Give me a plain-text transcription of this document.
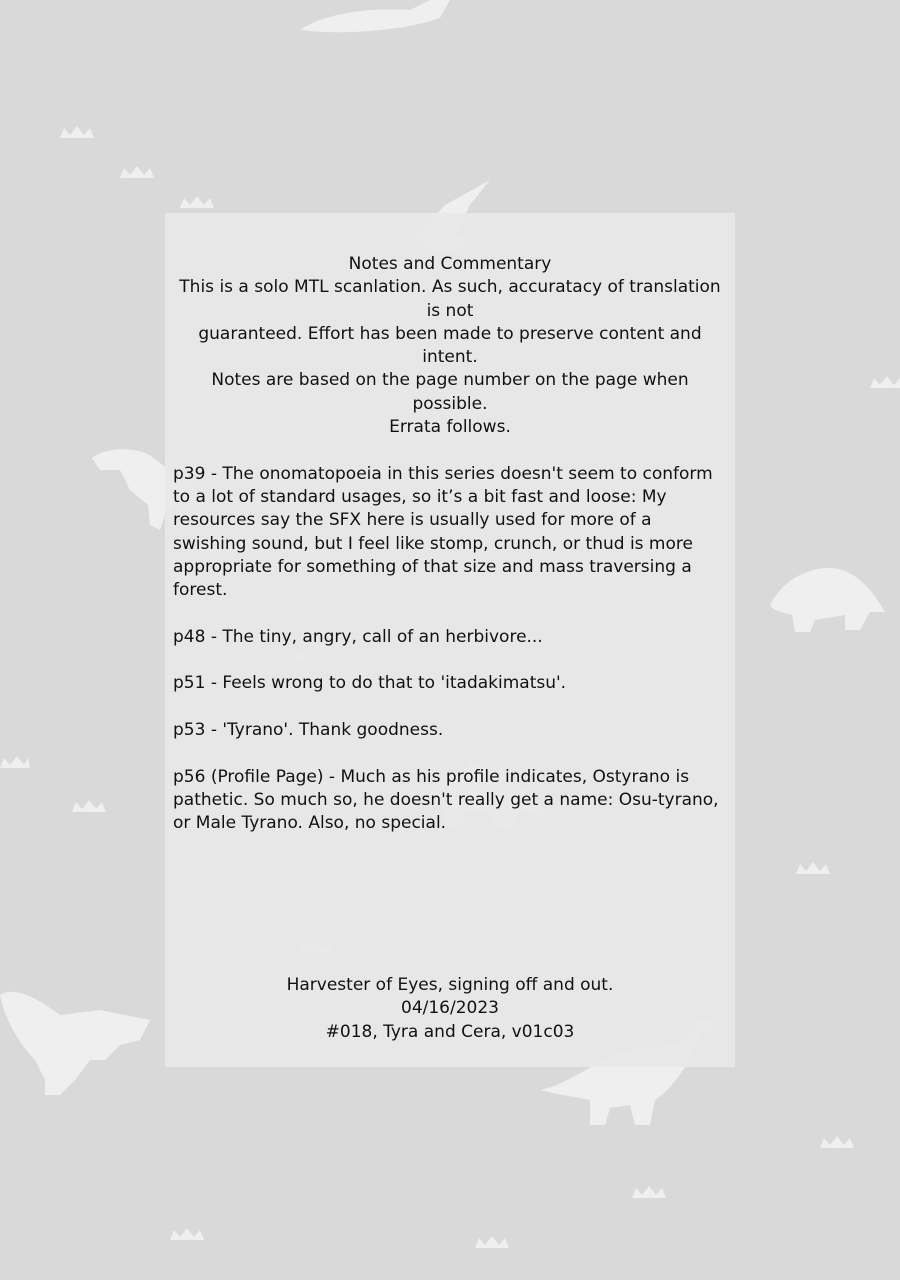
Notes and Commentary
This is a solo MTL scanlation. As such, accuratacy of translation is not
guaranteed. Effort has been made to preserve content and intent.
Notes are based on the page number on the page when possible.
Errata follows.

p39 - The onomatopoeia in this series doesn't seem to conform to a lot of standard usages, so it’s a bit fast and loose: My resources say the SFX here is usually used for more of a swishing sound, but I feel like stomp, crunch, or thud is more appropriate for something of that size and mass traversing a forest.

p48 - The tiny, angry, call of an herbivore...

p51 - Feels wrong to do that to 'itadakimatsu'.

p53 - 'Tyrano'. Thank goodness.

p56 (Profile Page) - Much as his profile indicates, Ostyrano is pathetic. So much so, he doesn't really get a name: Osu-tyrano, or Male Tyrano. Also, no special.

Harvester of Eyes, signing off and out.
04/16/2023
#018, Tyra and Cera, v01c03
